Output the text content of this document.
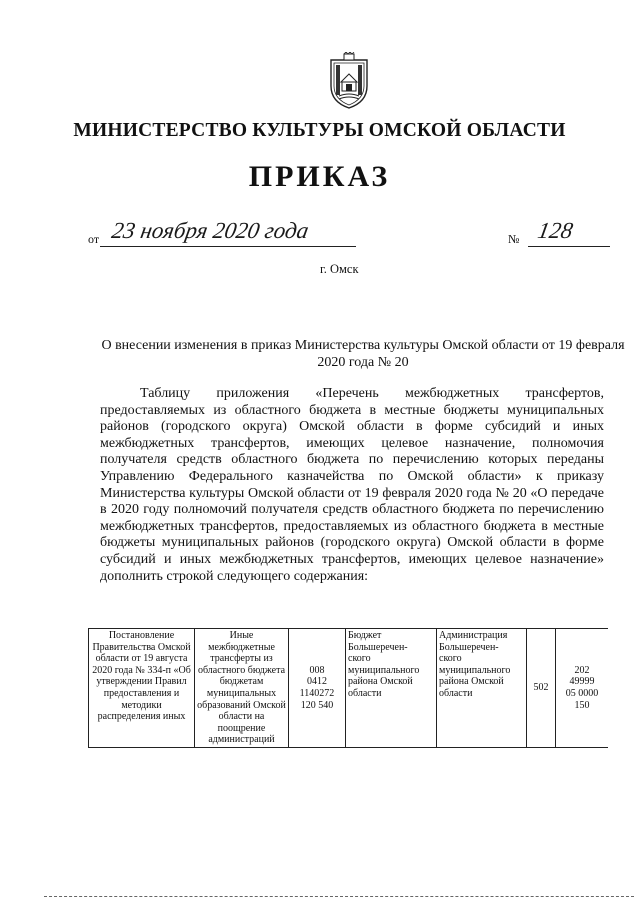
МИНИСТЕРСТВО КУЛЬТУРЫ ОМСКОЙ ОБЛАСТИ
ПРИКАЗ
от 23 ноября 2020 года	№ 128
г. Омск
О внесении изменения в приказ Министерства культуры Омской области от 19 февраля 2020 года № 20
Таблицу приложения «Перечень межбюджетных трансфертов, предоставляемых из областного бюджета в местные бюджеты муниципальных районов (городского округа) Омской области в форме субсидий и иных межбюджетных трансфертов, имеющих целевое назначение, полномочия получателя средств областного бюджета по перечислению которых переданы Управлению Федерального казначейства по Омской области» к приказу Министерства культуры Омской области от 19 февраля 2020 года № 20 «О передаче в 2020 году полномочий получателя средств областного бюджета по перечислению межбюджетных трансфертов, предоставляемых из областного бюджета в местные бюджеты муниципальных районов (городского округа) Омской области в форме субсидий и иных межбюджетных трансфертов, имеющих целевое назначение» дополнить строкой следующего содержания:
Постановление Правительства Омской области от 19 августа 2020 года № 334-п «Об утверждении Правил предоставления и методики распределения иных	Иные межбюджетные трансферты из областного бюджета бюджетам муниципальных образований Омской области на поощрение администраций	008
0412
1140272
120 540	Бюджет
Большеречен-
ского
муниципального
района Омской
области	Администрация
Большеречен-
ского
муниципального
района Омской
области	502	202
49999
05 0000
150
